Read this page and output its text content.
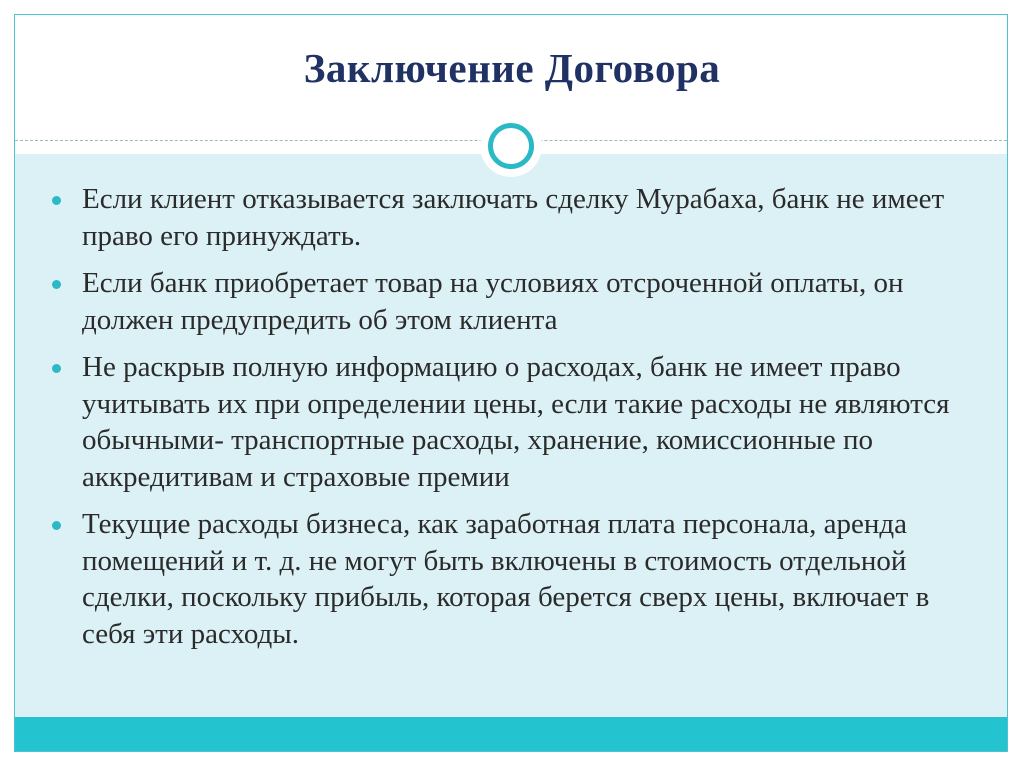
Заключение Договора
Если клиент отказывается заключать сделку Мурабаха, банк не имеет право его принуждать.
Если банк приобретает товар на условиях отсроченной оплаты, он должен предупредить об этом клиента
Не раскрыв полную информацию о расходах, банк не имеет право учитывать их при определении цены, если такие расходы не являются обычными- транспортные расходы, хранение, комиссионные по аккредитивам и страховые премии
Текущие расходы бизнеса, как заработная плата персонала, аренда помещений и т. д. не могут быть включены в стоимость отдельной сделки, поскольку прибыль, которая берется сверх цены, включает в себя эти расходы.
